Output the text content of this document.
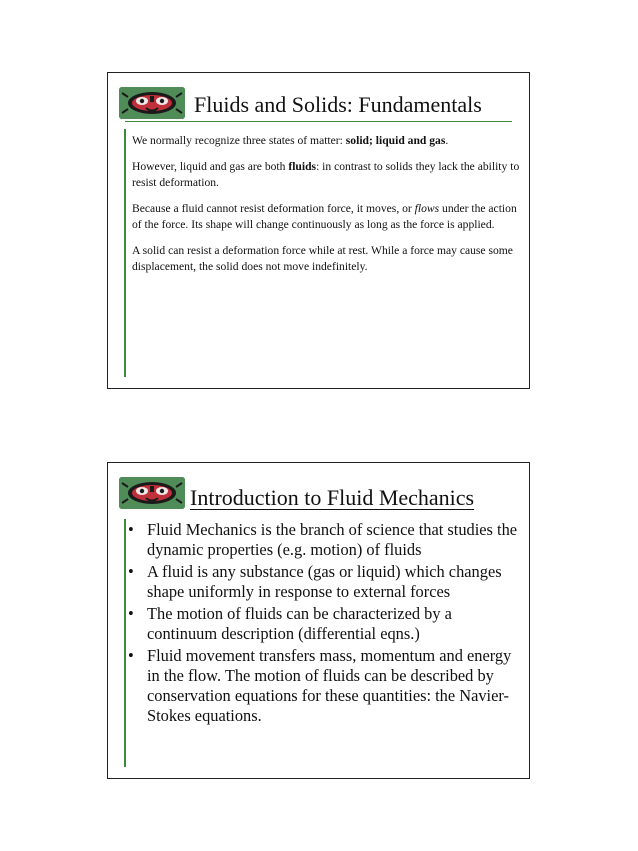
Fluids and Solids: Fundamentals

We normally recognize three states of matter: solid; liquid and gas.

However, liquid and gas are both fluids: in contrast to solids they lack the ability to resist deformation.

Because a fluid cannot resist deformation force, it moves, or flows under the action of the force. Its shape will change continuously as long as the force is applied.

A solid can resist a deformation force while at rest. While a force may cause some displacement, the solid does not move indefinitely.

Introduction to Fluid Mechanics
• Fluid Mechanics is the branch of science that studies the dynamic properties (e.g. motion) of fluids
• A fluid is any substance (gas or liquid) which changes shape uniformly in response to external forces
• The motion of fluids can be characterized by a continuum description (differential eqns.)
• Fluid movement transfers mass, momentum and energy in the flow. The motion of fluids can be described by conservation equations for these quantities: the Navier-Stokes equations.
